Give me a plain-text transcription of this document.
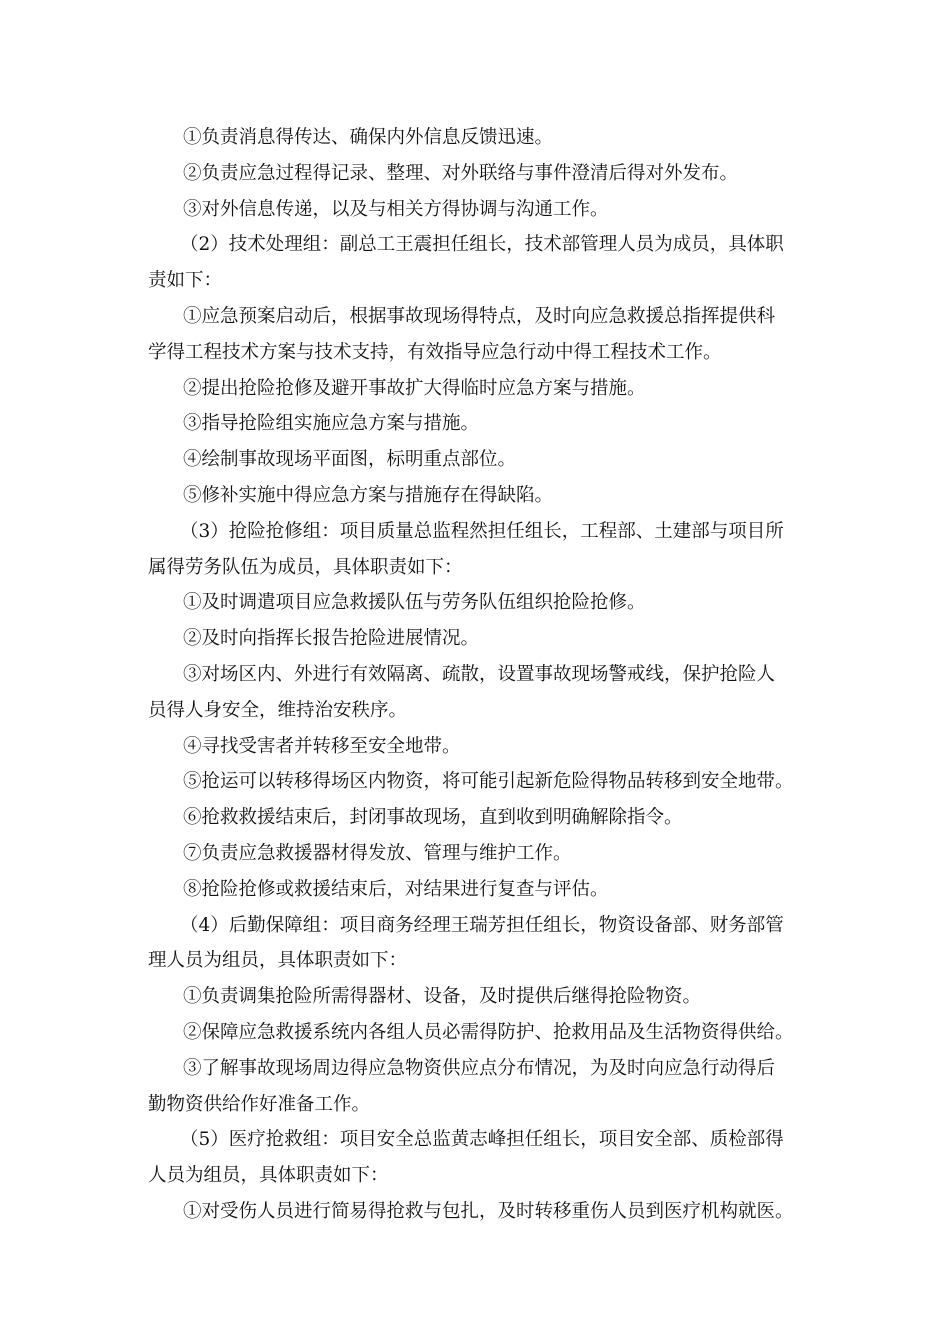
①负责消息得传达、确保内外信息反馈迅速。
②负责应急过程得记录、整理、对外联络与事件澄清后得对外发布。
③对外信息传递，以及与相关方得协调与沟通工作。
（2）技术处理组：副总工王震担任组长，技术部管理人员为成员，具体职
责如下：
①应急预案启动后，根据事故现场得特点，及时向应急救援总指挥提供科
学得工程技术方案与技术支持，有效指导应急行动中得工程技术工作。
②提出抢险抢修及避开事故扩大得临时应急方案与措施。
③指导抢险组实施应急方案与措施。
④绘制事故现场平面图，标明重点部位。
⑤修补实施中得应急方案与措施存在得缺陷。
（3）抢险抢修组：项目质量总监程然担任组长，工程部、土建部与项目所
属得劳务队伍为成员，具体职责如下：
①及时调遣项目应急救援队伍与劳务队伍组织抢险抢修。
②及时向指挥长报告抢险进展情况。
③对场区内、外进行有效隔离、疏散，设置事故现场警戒线，保护抢险人
员得人身安全，维持治安秩序。
④寻找受害者并转移至安全地带。
⑤抢运可以转移得场区内物资，将可能引起新危险得物品转移到安全地带。
⑥抢救救援结束后，封闭事故现场，直到收到明确解除指令。
⑦负责应急救援器材得发放、管理与维护工作。
⑧抢险抢修或救援结束后，对结果进行复查与评估。
（4）后勤保障组：项目商务经理王瑞芳担任组长，物资设备部、财务部管
理人员为组员，具体职责如下：
①负责调集抢险所需得器材、设备，及时提供后继得抢险物资。
②保障应急救援系统内各组人员必需得防护、抢救用品及生活物资得供给。
③了解事故现场周边得应急物资供应点分布情况，为及时向应急行动得后
勤物资供给作好准备工作。
（5）医疗抢救组：项目安全总监黄志峰担任组长，项目安全部、质检部得
人员为组员，具体职责如下：
①对受伤人员进行简易得抢救与包扎，及时转移重伤人员到医疗机构就医。
